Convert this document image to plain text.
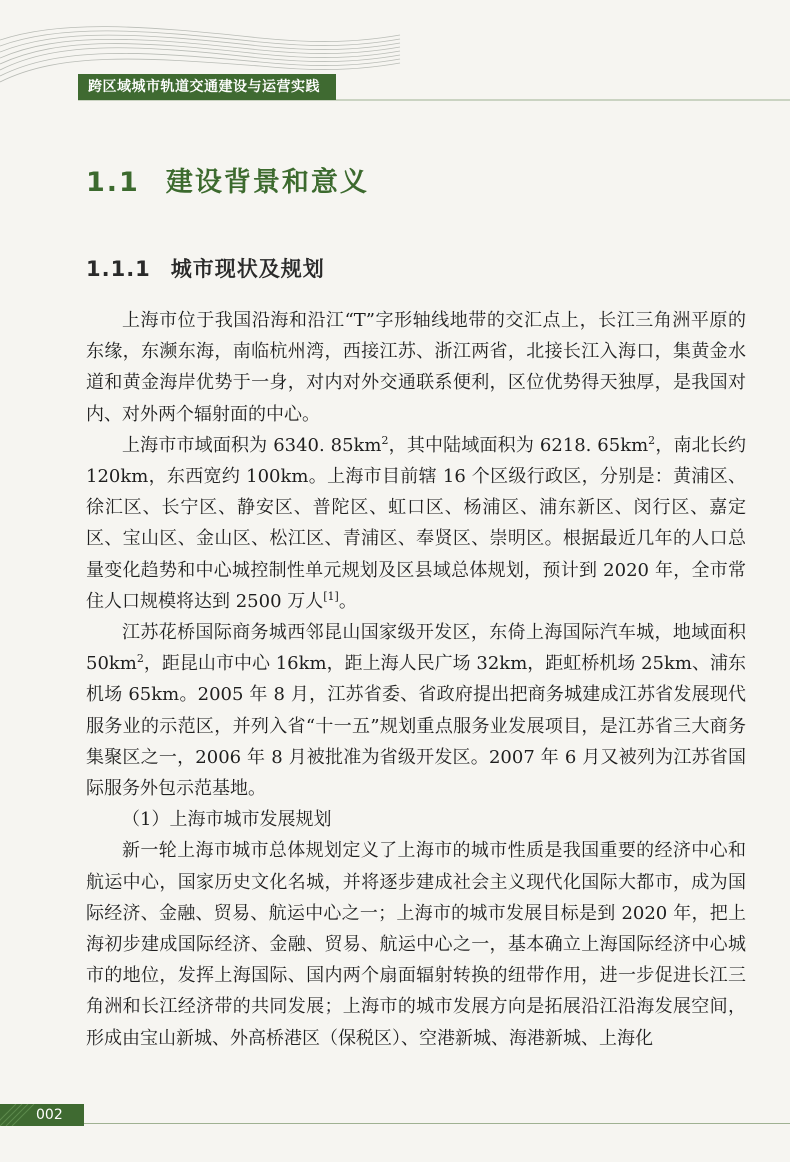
跨区域城市轨道交通建设与运营实践
1.1 建设背景和意义
1.1.1 城市现状及规划

上海市位于我国沿海和沿江“T”字形轴线地带的交汇点上，长江三角洲平原的东缘，东濒东海，南临杭州湾，西接江苏、浙江两省，北接长江入海口，集黄金水道和黄金海岸优势于一身，对内对外交通联系便利，区位优势得天独厚，是我国对内、对外两个辐射面的中心。

上海市市域面积为 6340. $85km^2$，其中陆域面积为 6218. $65km^2$，南北长约 120km，东西宽约 100km。上海市目前辖 16 个区级行政区，分别是：黄浦区、徐汇区、长宁区、静安区、普陀区、虹口区、杨浦区、浦东新区、闵行区、嘉定区、宝山区、金山区、松江区、青浦区、奉贤区、崇明区。根据最近几年的人口总量变化趋势和中心城控制性单元规划及区县域总体规划，预计到 2020 年，全市常住人口规模将达到 2500 万人[1]。

江苏花桥国际商务城西邻昆山国家级开发区，东倚上海国际汽车城，地域面积 $50km^2$，距昆山市中心 16km，距上海人民广场 32km，距虹桥机场 25km、浦东机场 65km。2005 年 8 月，江苏省委、省政府提出把商务城建成江苏省发展现代服务业的示范区，并列入省“十一五”规划重点服务业发展项目，是江苏省三大商务集聚区之一，2006 年 8 月被批准为省级开发区。2007 年 6 月又被列为江苏省国际服务外包示范基地。

（1）上海市城市发展规划

新一轮上海市城市总体规划定义了上海市的城市性质是我国重要的经济中心和航运中心，国家历史文化名城，并将逐步建成社会主义现代化国际大都市，成为国际经济、金融、贸易、航运中心之一；上海市的城市发展目标是到 2020 年，把上海初步建成国际经济、金融、贸易、航运中心之一，基本确立上海国际经济中心城市的地位，发挥上海国际、国内两个扇面辐射转换的纽带作用，进一步促进长江三角洲和长江经济带的共同发展；上海市的城市发展方向是拓展沿江沿海发展空间，形成由宝山新城、外高桥港区（保税区）、空港新城、海港新城、上海化

002
